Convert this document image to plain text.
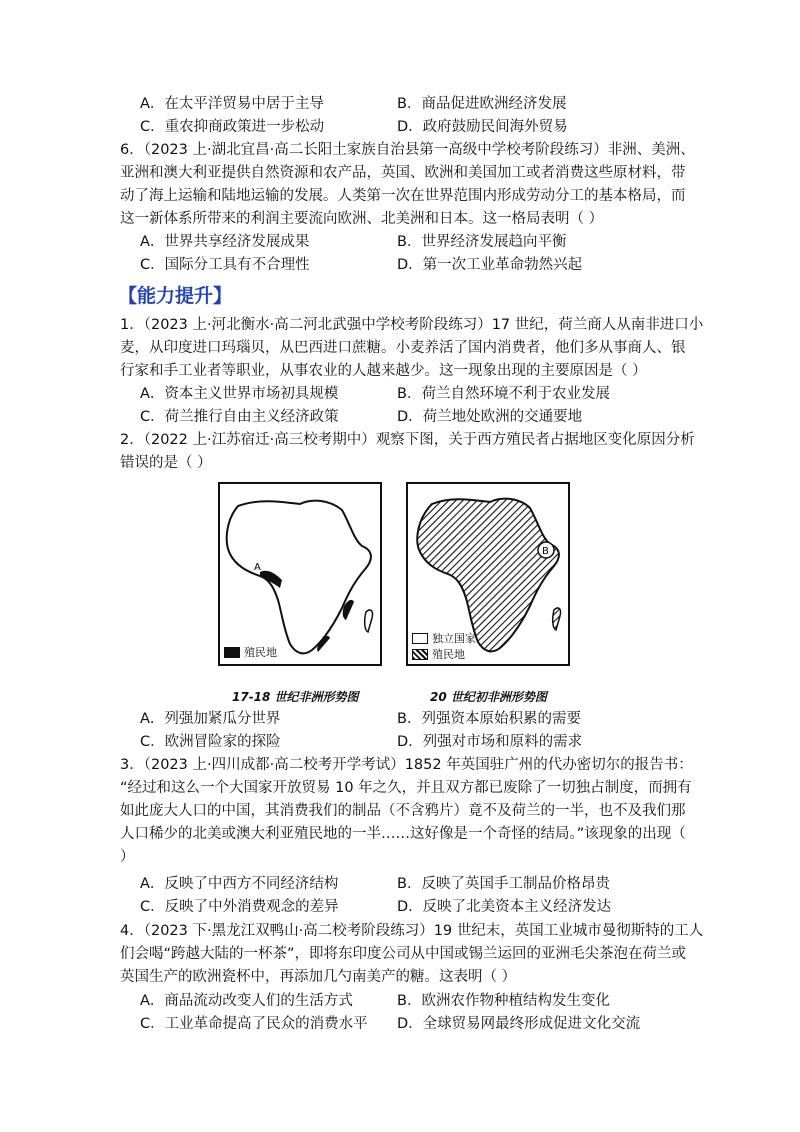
A．在太平洋贸易中居于主导	B．商品促进欧洲经济发展
C．重农抑商政策进一步松动	D．政府鼓励民间海外贸易
6．（2023 上·湖北宜昌·高二长阳土家族自治县第一高级中学校考阶段练习）非洲、美洲、
亚洲和澳大利亚提供自然资源和农产品，英国、欧洲和美国加工或者消费这些原材料，带
动了海上运输和陆地运输的发展。人类第一次在世界范围内形成劳动分工的基本格局，而
这一新体系所带来的利润主要流向欧洲、北美洲和日本。这一格局表明（ ）
A．世界共享经济发展成果	B．世界经济发展趋向平衡
C．国际分工具有不合理性	D．第一次工业革命勃然兴起
【能力提升】
1．（2023 上·河北衡水·高二河北武强中学校考阶段练习）17 世纪，荷兰商人从南非进口小
麦，从印度进口玛瑙贝，从巴西进口蔗糖。小麦养活了国内消费者，他们多从事商人、银
行家和手工业者等职业，从事农业的人越来越少。这一现象出现的主要原因是（ ）
A．资本主义世界市场初具规模	B．荷兰自然环境不利于农业发展
C．荷兰推行自由主义经济政策	D．荷兰地处欧洲的交通要地
2．（2022 上·江苏宿迁·高三校考期中）观察下图，关于西方殖民者占据地区变化原因分析
错误的是（ ）
A
殖民地
B
独立国家
殖民地
17-18 世纪非洲形势图	20 世纪初非洲形势图
A．列强加紧瓜分世界	B．列强资本原始积累的需要
C．欧洲冒险家的探险	D．列强对市场和原料的需求
3．（2023 上·四川成都·高二校考开学考试）1852 年英国驻广州的代办密切尔的报告书：
“经过和这么一个大国家开放贸易 10 年之久，并且双方都已废除了一切独占制度，而拥有
如此庞大人口的中国，其消费我们的制品（不含鸦片）竟不及荷兰的一半，也不及我们那
人口稀少的北美或澳大利亚殖民地的一半……这好像是一个奇怪的结局。”该现象的出现（
）
A．反映了中西方不同经济结构	B．反映了英国手工制品价格昂贵
C．反映了中外消费观念的差异	D．反映了北美资本主义经济发达
4．（2023 下·黑龙江双鸭山·高二校考阶段练习）19 世纪末，英国工业城市曼彻斯特的工人
们会喝“跨越大陆的一杯茶”，即将东印度公司从中国或锡兰运回的亚洲毛尖茶泡在荷兰或
英国生产的欧洲瓷杯中，再添加几勺南美产的糖。这表明（ ）
A．商品流动改变人们的生活方式	B．欧洲农作物种植结构发生变化
C．工业革命提高了民众的消费水平 D．全球贸易网最终形成促进文化交流
